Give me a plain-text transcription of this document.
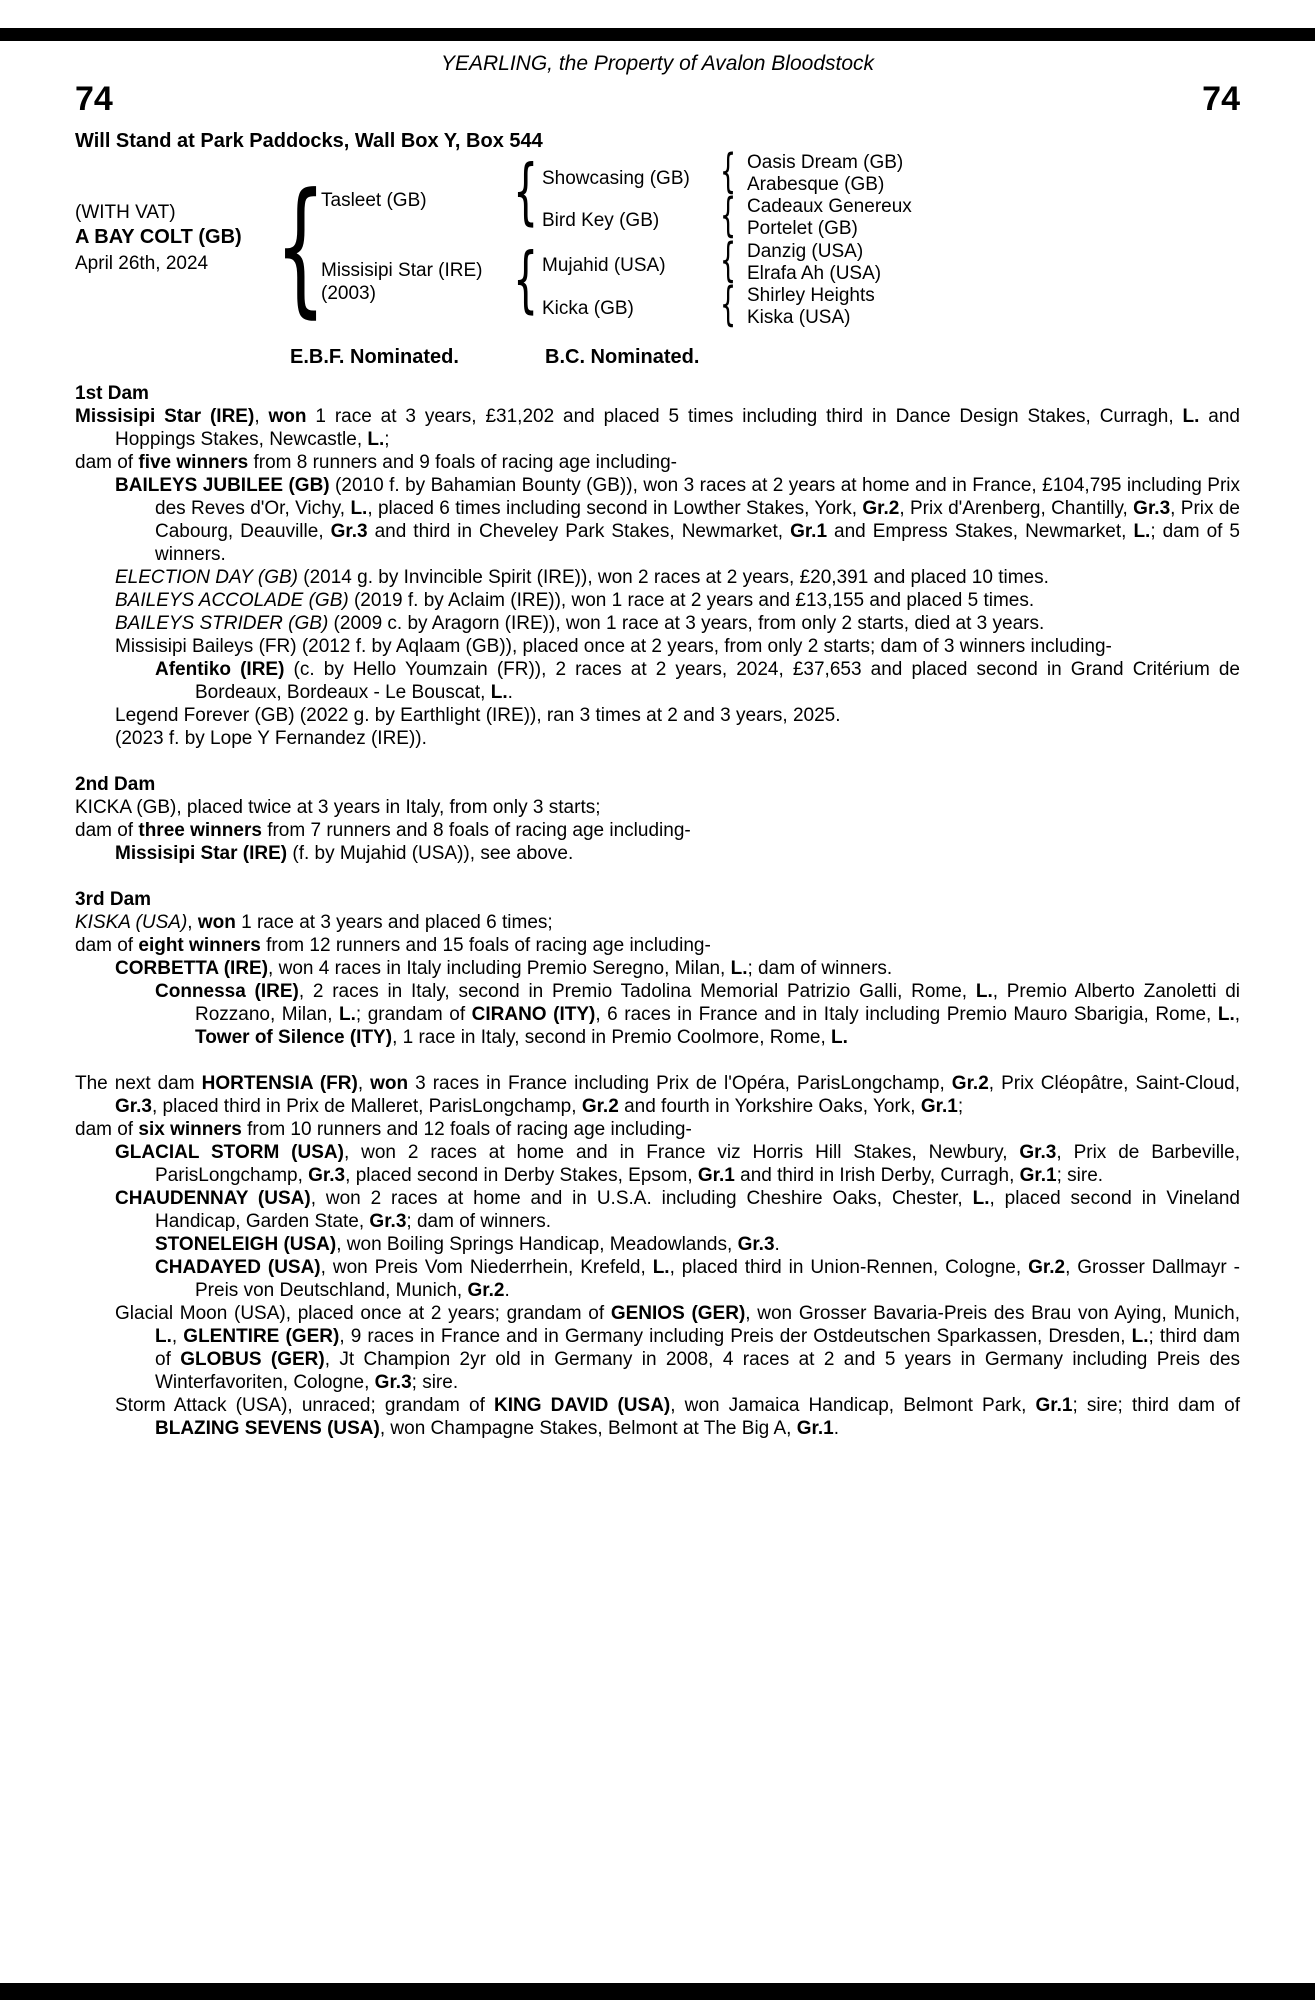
YEARLING, the Property of Avalon Bloodstock
74	74
Will Stand at Park Paddocks, Wall Box Y, Box 544
(WITH VAT)
A BAY COLT (GB)
April 26th, 2024
{
Tasleet (GB)
Missisipi Star (IRE)
(2003)
{
{
Showcasing (GB)
Bird Key (GB)
Mujahid (USA)
Kicka (GB)
{
{
{
{
Oasis Dream (GB)
Arabesque (GB)
Cadeaux Genereux
Portelet (GB)
Danzig (USA)
Elrafa Ah (USA)
Shirley Heights
Kiska (USA)
E.B.F. Nominated.	B.C. Nominated.
1st Dam

Missisipi Star (IRE), won 1 race at 3 years, £31,202 and placed 5 times including third in Dance Design Stakes, Curragh, L. and Hoppings Stakes, Newcastle, L.;

dam of five winners from 8 runners and 9 foals of racing age including-

BAILEYS JUBILEE (GB) (2010 f. by Bahamian Bounty (GB)), won 3 races at 2 years at home and in France, £104,795 including Prix des Reves d'Or, Vichy, L., placed 6 times including second in Lowther Stakes, York, Gr.2, Prix d'Arenberg, Chantilly, Gr.3, Prix de Cabourg, Deauville, Gr.3 and third in Cheveley Park Stakes, Newmarket, Gr.1 and Empress Stakes, Newmarket, L.; dam of 5 winners.

ELECTION DAY (GB) (2014 g. by Invincible Spirit (IRE)), won 2 races at 2 years, £20,391 and placed 10 times.

BAILEYS ACCOLADE (GB) (2019 f. by Aclaim (IRE)), won 1 race at 2 years and £13,155 and placed 5 times.

BAILEYS STRIDER (GB) (2009 c. by Aragorn (IRE)), won 1 race at 3 years, from only 2 starts, died at 3 years.

Missisipi Baileys (FR) (2012 f. by Aqlaam (GB)), placed once at 2 years, from only 2 starts; dam of 3 winners including-

Afentiko (IRE) (c. by Hello Youmzain (FR)), 2 races at 2 years, 2024, £37,653 and placed second in Grand Critérium de Bordeaux, Bordeaux - Le Bouscat, L..

Legend Forever (GB) (2022 g. by Earthlight (IRE)), ran 3 times at 2 and 3 years, 2025.

(2023 f. by Lope Y Fernandez (IRE)).

2nd Dam

KICKA (GB), placed twice at 3 years in Italy, from only 3 starts;

dam of three winners from 7 runners and 8 foals of racing age including-

Missisipi Star (IRE) (f. by Mujahid (USA)), see above.

3rd Dam

KISKA (USA), won 1 race at 3 years and placed 6 times;

dam of eight winners from 12 runners and 15 foals of racing age including-

CORBETTA (IRE), won 4 races in Italy including Premio Seregno, Milan, L.; dam of winners.

Connessa (IRE), 2 races in Italy, second in Premio Tadolina Memorial Patrizio Galli, Rome, L., Premio Alberto Zanoletti di Rozzano, Milan, L.; grandam of CIRANO (ITY), 6 races in France and in Italy including Premio Mauro Sbarigia, Rome, L., Tower of Silence (ITY), 1 race in Italy, second in Premio Coolmore, Rome, L.

The next dam HORTENSIA (FR), won 3 races in France including Prix de l'Opéra, ParisLongchamp, Gr.2, Prix Cléopâtre, Saint-Cloud, Gr.3, placed third in Prix de Malleret, ParisLongchamp, Gr.2 and fourth in Yorkshire Oaks, York, Gr.1;

dam of six winners from 10 runners and 12 foals of racing age including-

GLACIAL STORM (USA), won 2 races at home and in France viz Horris Hill Stakes, Newbury, Gr.3, Prix de Barbeville, ParisLongchamp, Gr.3, placed second in Derby Stakes, Epsom, Gr.1 and third in Irish Derby, Curragh, Gr.1; sire.

CHAUDENNAY (USA), won 2 races at home and in U.S.A. including Cheshire Oaks, Chester, L., placed second in Vineland Handicap, Garden State, Gr.3; dam of winners.

STONELEIGH (USA), won Boiling Springs Handicap, Meadowlands, Gr.3.

CHADAYED (USA), won Preis Vom Niederrhein, Krefeld, L., placed third in Union-Rennen, Cologne, Gr.2, Grosser Dallmayr - Preis von Deutschland, Munich, Gr.2.

Glacial Moon (USA), placed once at 2 years; grandam of GENIOS (GER), won Grosser Bavaria-Preis des Brau von Aying, Munich, L., GLENTIRE (GER), 9 races in France and in Germany including Preis der Ostdeutschen Sparkassen, Dresden, L.; third dam of GLOBUS (GER), Jt Champion 2yr old in Germany in 2008, 4 races at 2 and 5 years in Germany including Preis des Winterfavoriten, Cologne, Gr.3; sire.

Storm Attack (USA), unraced; grandam of KING DAVID (USA), won Jamaica Handicap, Belmont Park, Gr.1; sire; third dam of BLAZING SEVENS (USA), won Champagne Stakes, Belmont at The Big A, Gr.1.
